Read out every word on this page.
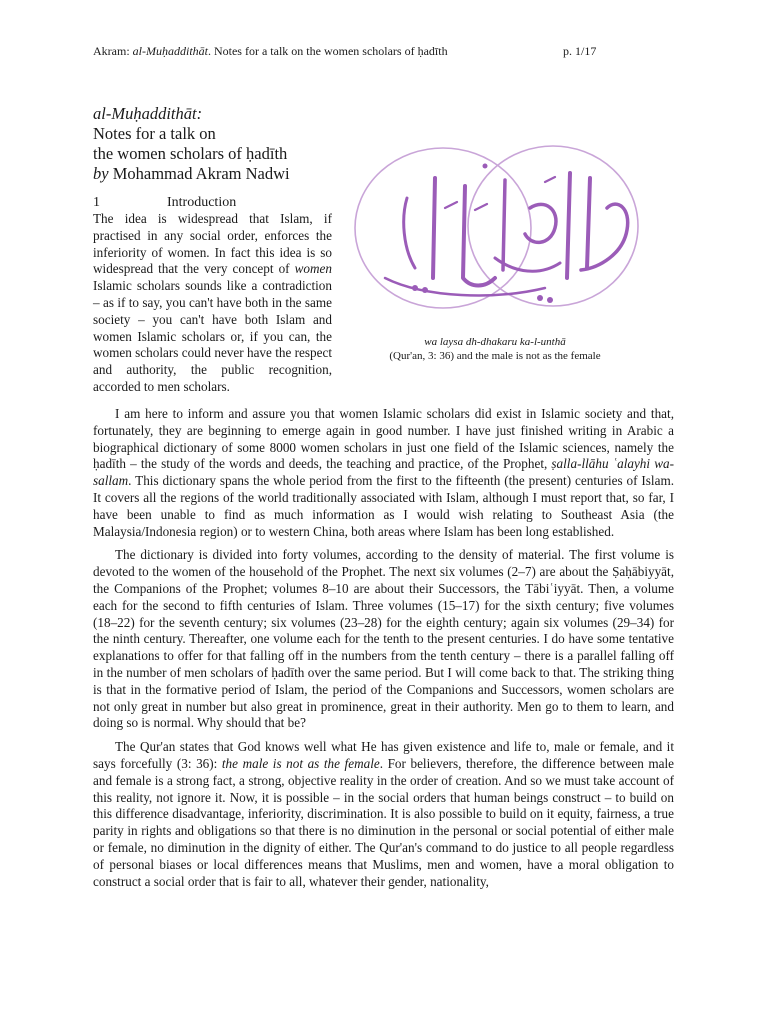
Akram: al-Muḥaddithāt. Notes for a talk on the women scholars of ḥadīth	p. 1/17
al-Muḥaddithāt:
Notes for a talk on
the women scholars of ḥadīth
by Mohammad Akram Nadwi
1	Introduction
The idea is widespread that Islam, if practised in any social order, enforces the inferiority of women. In fact this idea is so widespread that the very concept of women Islamic scholars sounds like a contradiction – as if to say, you can't have both in the same society – you can't have both Islam and women Islamic scholars or, if you can, the women scholars could never have the respect and authority, the public recognition, accorded to men scholars.
wa laysa dh-dhakaru ka-l-unthā
(Qur'an, 3: 36) and the male is not as the female

I am here to inform and assure you that women Islamic scholars did exist in Islamic society and that, fortunately, they are beginning to emerge again in good number. I have just finished writing in Arabic a biographical dictionary of some 8000 women scholars in just one field of the Islamic sciences, namely the ḥadīth – the study of the words and deeds, the teaching and practice, of the Prophet, ṣalla-llāhu ʿalayhi wa-sallam. This dictionary spans the whole period from the first to the fifteenth (the present) centuries of Islam. It covers all the regions of the world traditionally associated with Islam, although I must report that, so far, I have been unable to find as much information as I would wish relating to Southeast Asia (the Malaysia/Indonesia region) or to western China, both areas where Islam has been long established.

The dictionary is divided into forty volumes, according to the density of material. The first volume is devoted to the women of the household of the Prophet. The next six volumes (2–7) are about the Ṣaḥābiyyāt, the Companions of the Prophet; volumes 8–10 are about their Successors, the Tābiʿiyyāt. Then, a volume each for the second to fifth centuries of Islam. Three volumes (15–17) for the sixth century; five volumes (18–22) for the seventh century; six volumes (23–28) for the eighth century; again six volumes (29–34) for the ninth century. Thereafter, one volume each for the tenth to the present centuries. I do have some tentative explanations to offer for that falling off in the numbers from the tenth century – there is a parallel falling off in the number of men scholars of ḥadīth over the same period. But I will come back to that. The striking thing is that in the formative period of Islam, the period of the Companions and Successors, women scholars are not only great in number but also great in prominence, great in their authority. Men go to them to learn, and doing so is normal. Why should that be?

The Qur'an states that God knows well what He has given existence and life to, male or female, and it says forcefully (3: 36): the male is not as the female. For believers, therefore, the difference between male and female is a strong fact, a strong, objective reality in the order of creation. And so we must take account of this reality, not ignore it. Now, it is possible – in the social orders that human beings construct – to build on this difference disadvantage, inferiority, discrimination. It is also possible to build on it equity, fairness, a true parity in rights and obligations so that there is no diminution in the personal or social potential of either male or female, no diminution in the dignity of either. The Qur'an's command to do justice to all people regardless of personal biases or local differences means that Muslims, men and women, have a moral obligation to construct a social order that is fair to all, whatever their gender, nationality,
